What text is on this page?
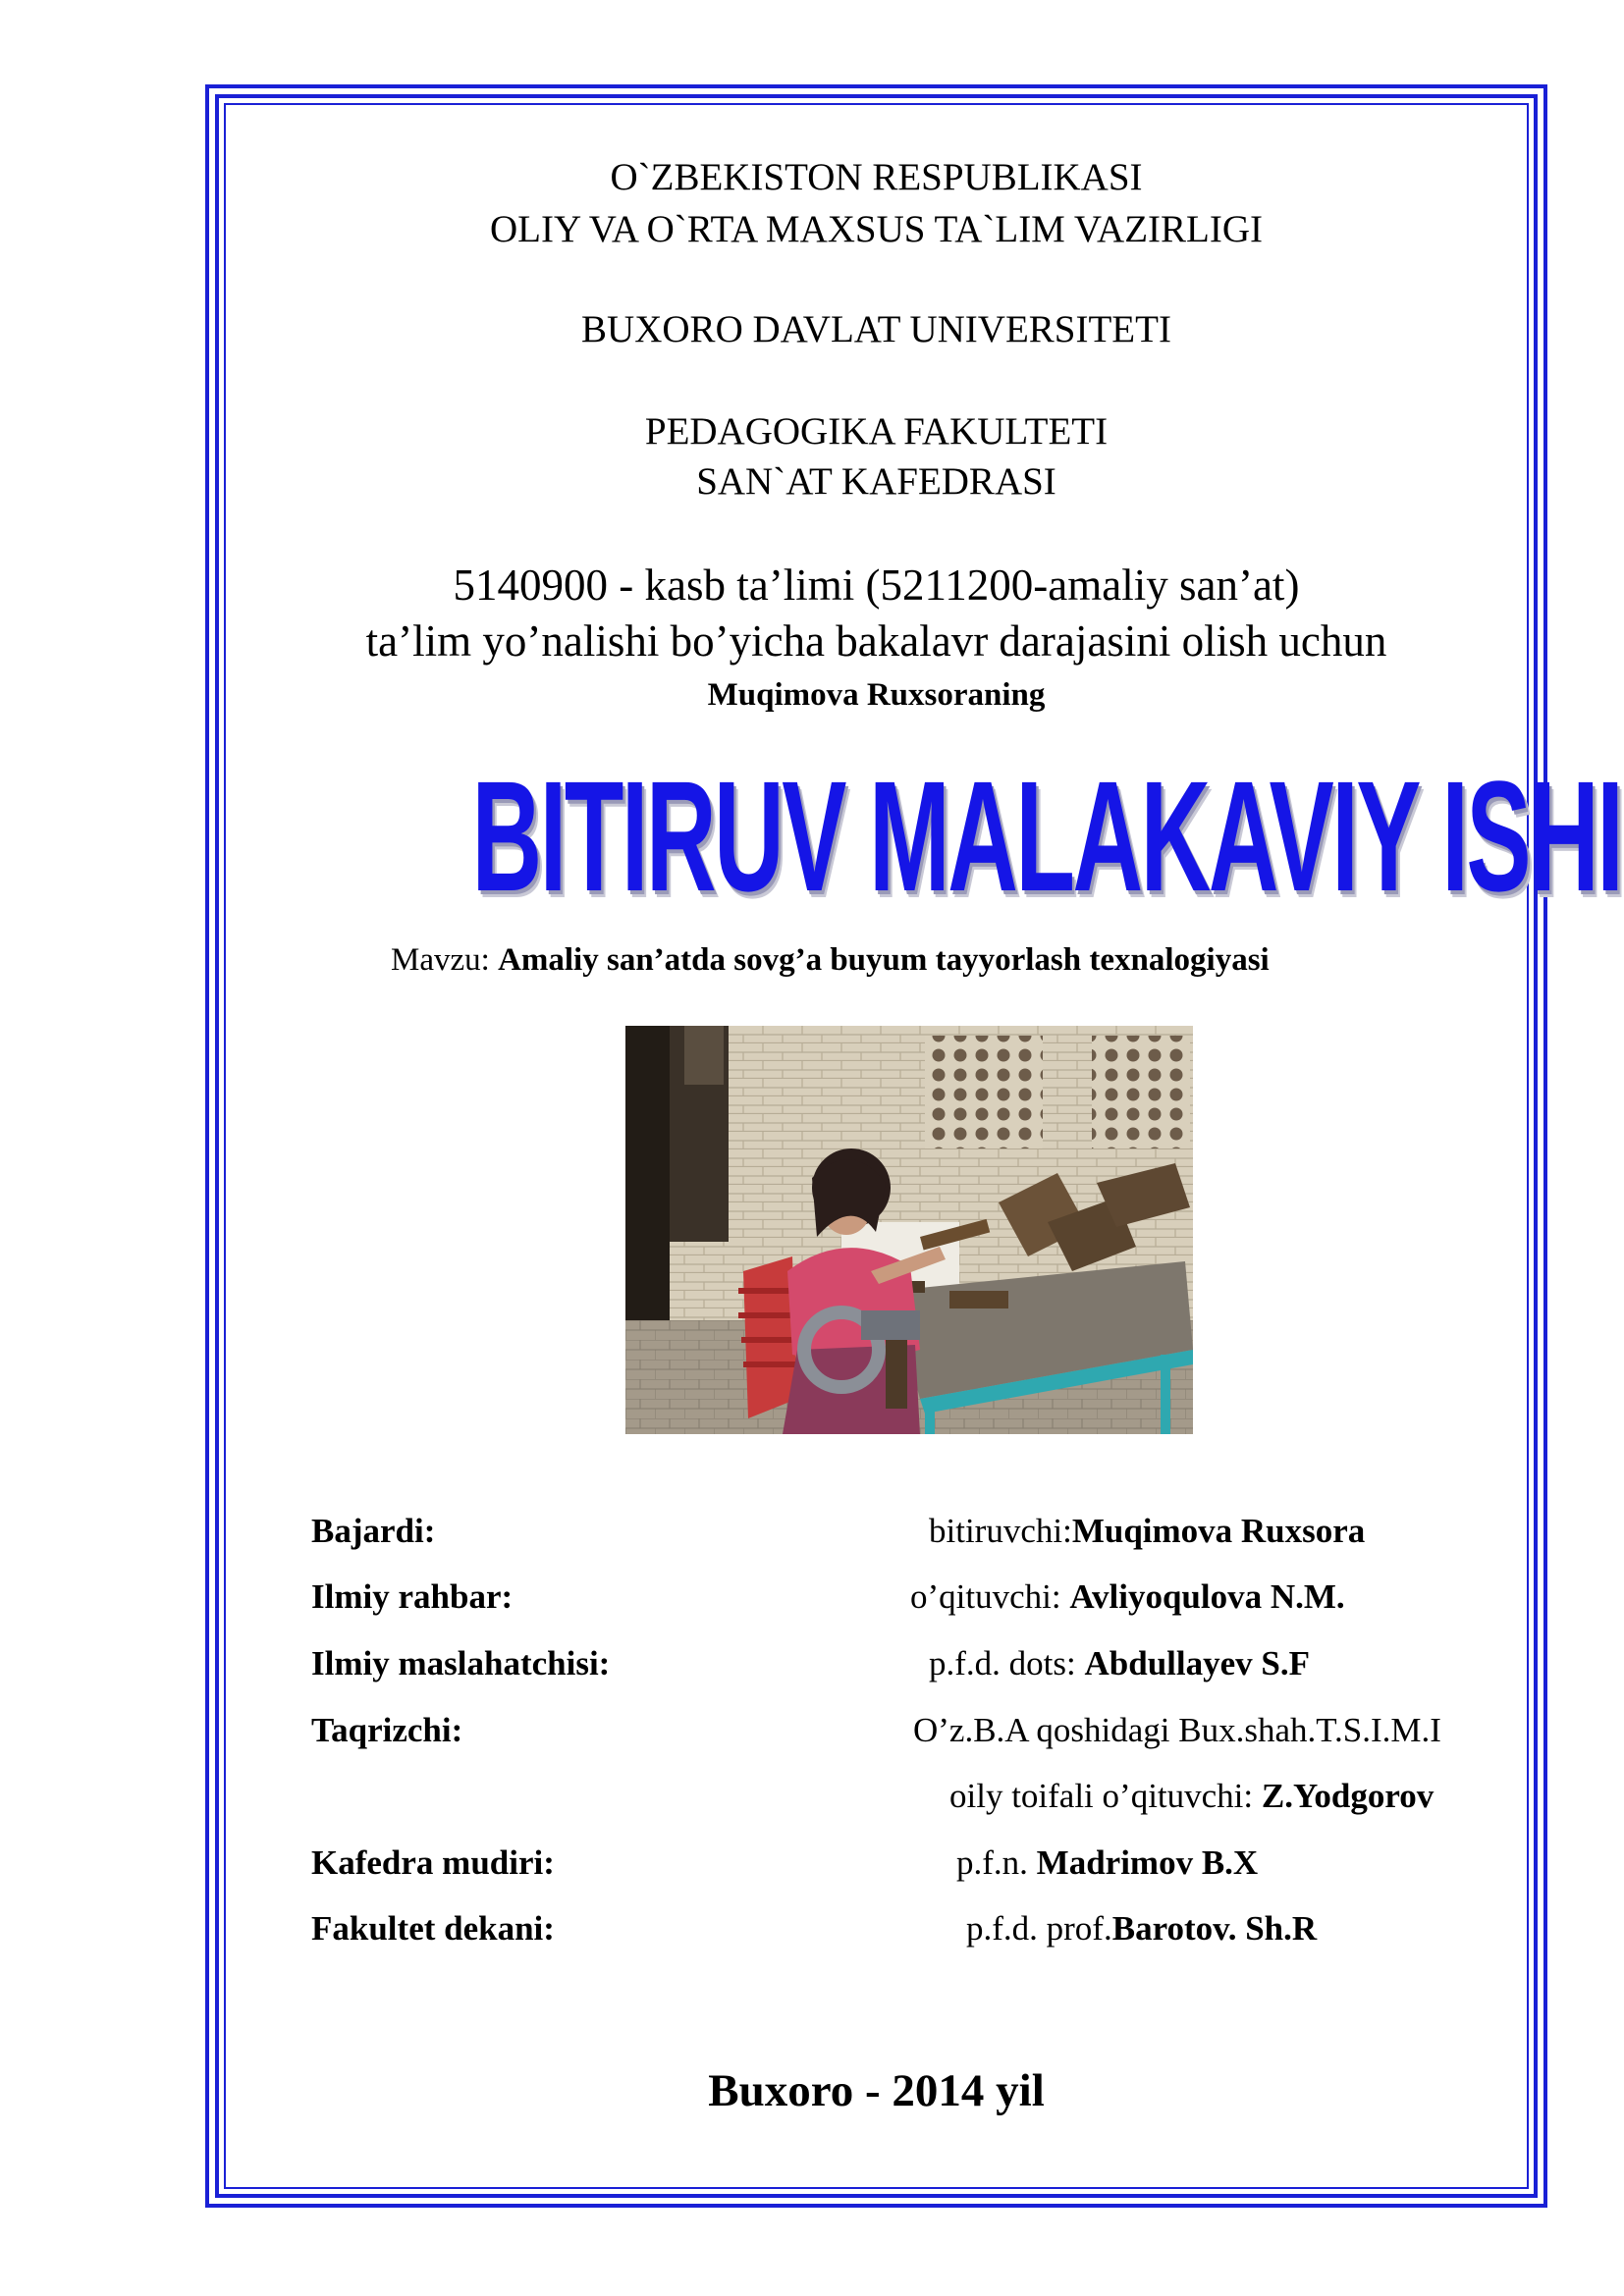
O`ZBEKISTON RESPUBLIKASI
OLIY VA O`RTA MAXSUS TA`LIM VAZIRLIGI
BUXORO DAVLAT UNIVERSITETI
PEDAGOGIKA FAKULTETI
SAN`AT KAFEDRASI
5140900 - kasb ta’limi (5211200-amaliy san’at)
ta’lim yo’nalishi bo’yicha bakalavr darajasini olish uchun
Muqimova Ruxsoraning
BITIRUV MALAKAVIY ISHI
Mavzu: Amaliy san’atda sovg’a buyum tayyorlash texnalogiyasi
Bajardi:	bitiruvchi:Muqimova Ruxsora
Ilmiy rahbar:	o’qituvchi: Avliyoqulova N.M.
Ilmiy maslahatchisi:	p.f.d. dots: Abdullayev S.F
Taqrizchi:	O’z.B.A qoshidagi Bux.shah.T.S.I.M.I
oily toifali o’qituvchi: Z.Yodgorov
Kafedra mudiri:	p.f.n. Madrimov B.X
Fakultet dekani:	p.f.d. prof.Barotov. Sh.R
Buxoro - 2014 yil
